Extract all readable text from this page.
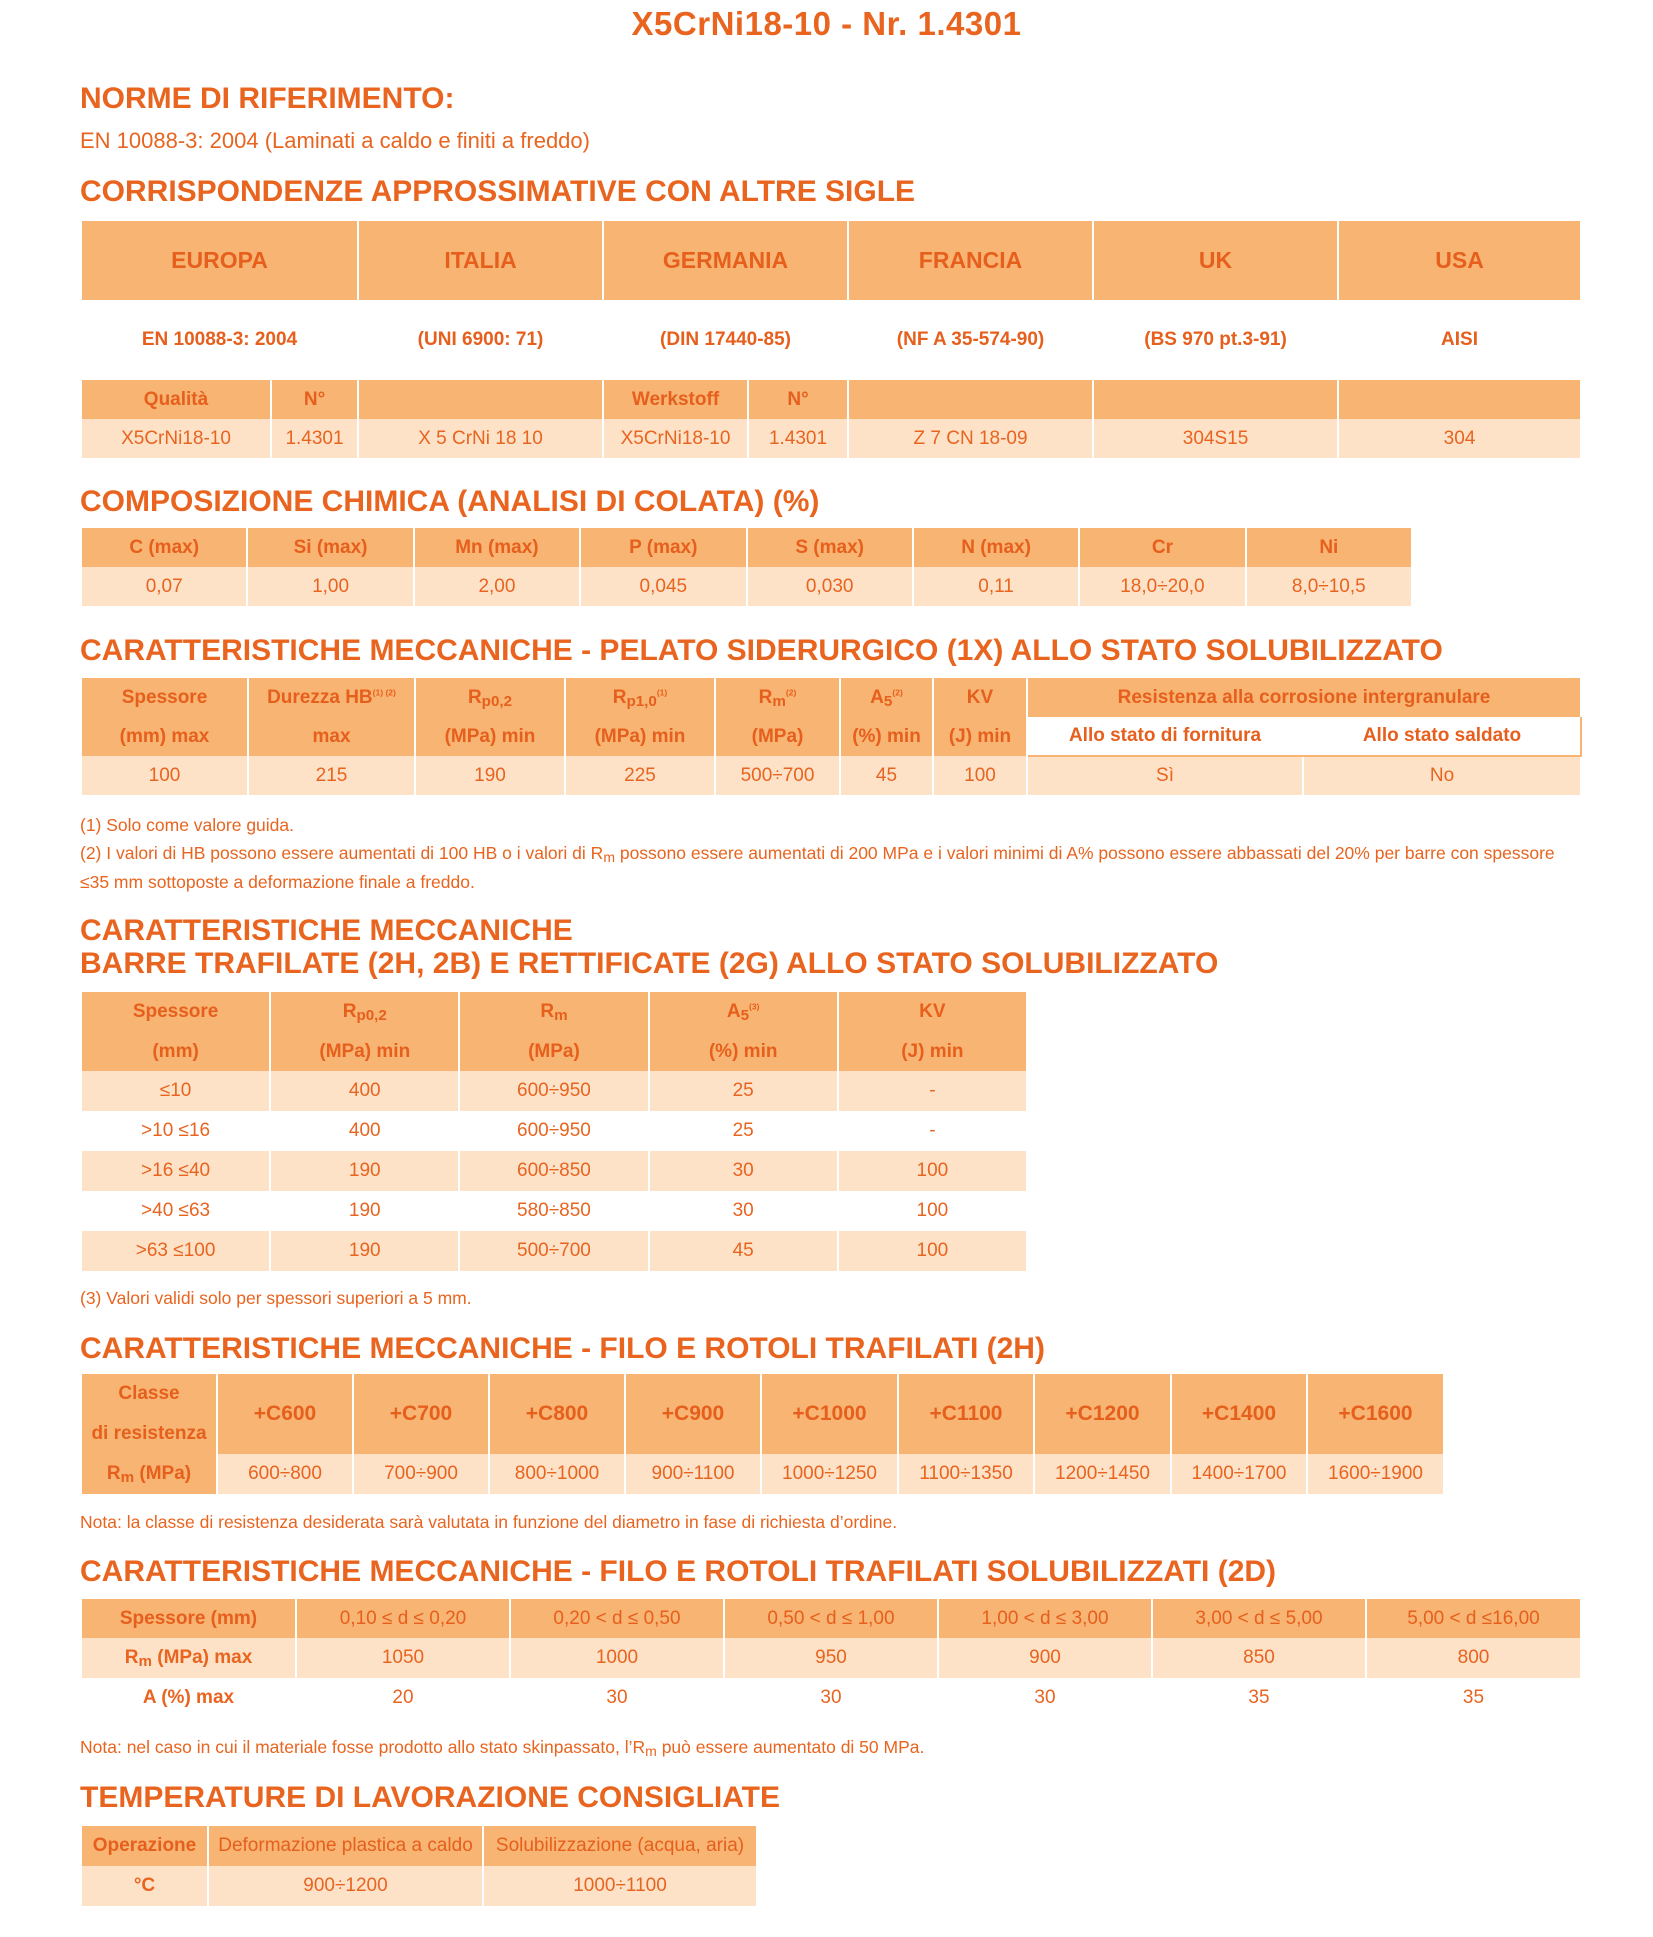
X5CrNi18-10 - Nr. 1.4301
NORME DI RIFERIMENTO:
EN 10088-3: 2004 (Laminati a caldo e finiti a freddo)
CORRISPONDENZE APPROSSIMATIVE CON ALTRE SIGLE
EUROPA		ITALIA	GERMANIA		FRANCIA	UK	USA
EN 10088-3: 2004		(UNI 6900: 71)	(DIN 17440-85)		(NF A 35-574-90)	(BS 970 pt.3-91)	AISI
Qualità	N°		Werkstoff	N°			
X5CrNi18-10	1.4301	X 5 CrNi 18 10	X5CrNi18-10	1.4301	Z 7 CN 18-09	304S15	304
COMPOSIZIONE CHIMICA (ANALISI DI COLATA) (%)
C (max)	Si (max)	Mn (max)	P (max)	S (max)	N (max)	Cr	Ni
0,07	1,00	2,00	0,045	0,030	0,11	18,0÷20,0	8,0÷10,5
CARATTERISTICHE MECCANICHE - PELATO SIDERURGICO (1X) ALLO STATO SOLUBILIZZATO
Spessore	Durezza $HB^{(1) (2)}$	$R_{p0,2}$	$R_{p1,0}^{(1)}$	$R_m^{(2)}$	$A_5^{(2)}$	KV	Resistenza alla corrosione intergranulare	
(mm) max	max	(MPa) min	(MPa) min	(MPa)	(%) min	(J) min	Allo stato di fornitura	Allo stato saldato
100	215	190	225	500÷700	45	100	Sì	No
(1) Solo come valore guida.
(2) I valori di HB possono essere aumentati di 100 HB o i valori di $R_m$ possono essere aumentati di 200 MPa e i valori minimi di A% possono essere abbassati del 20% per barre con spessore ≤35 mm sottoposte a deformazione finale a freddo.
CARATTERISTICHE MECCANICHE
BARRE TRAFILATE (2H, 2B) E RETTIFICATE (2G) ALLO STATO SOLUBILIZZATO
Spessore	$R_{p0,2}$	$R_m$	$A_5^{(3)}$	KV
(mm)	(MPa) min	(MPa)	(%) min	(J) min
≤10	400	600÷950	25	-
>10 ≤16	400	600÷950	25	-
>16 ≤40	190	600÷850	30	100
>40 ≤63	190	580÷850	30	100
>63 ≤100	190	500÷700	45	100
(3) Valori validi solo per spessori superiori a 5 mm.
CARATTERISTICHE MECCANICHE - FILO E ROTOLI TRAFILATI (2H)
Classe	+C600	+C700	+C800	+C900	+C1000	+C1100	+C1200	+C1400	+C1600
di resistenza									
$R_m$ (MPa)	600÷800	700÷900	800÷1000	900÷1100	1000÷1250	1100÷1350	1200÷1450	1400÷1700	1600÷1900
Nota: la classe di resistenza desiderata sarà valutata in funzione del diametro in fase di richiesta d’ordine.
CARATTERISTICHE MECCANICHE - FILO E ROTOLI TRAFILATI SOLUBILIZZATI (2D)
Spessore (mm)	0,10 ≤ d ≤ 0,20	0,20 < d ≤ 0,50	0,50 < d ≤ 1,00	1,00 < d ≤ 3,00	3,00 < d ≤ 5,00	5,00 < d ≤16,00
$R_m$ (MPa) max	1050	1000	950	900	850	800
A (%) max	20	30	30	30	35	35
Nota: nel caso in cui il materiale fosse prodotto allo stato skinpassato, $l’R_m$ può essere aumentato di 50 MPa.
TEMPERATURE DI LAVORAZIONE CONSIGLIATE
Operazione	Deformazione plastica a caldo	Solubilizzazione (acqua, aria)
°C	900÷1200	1000÷1100
